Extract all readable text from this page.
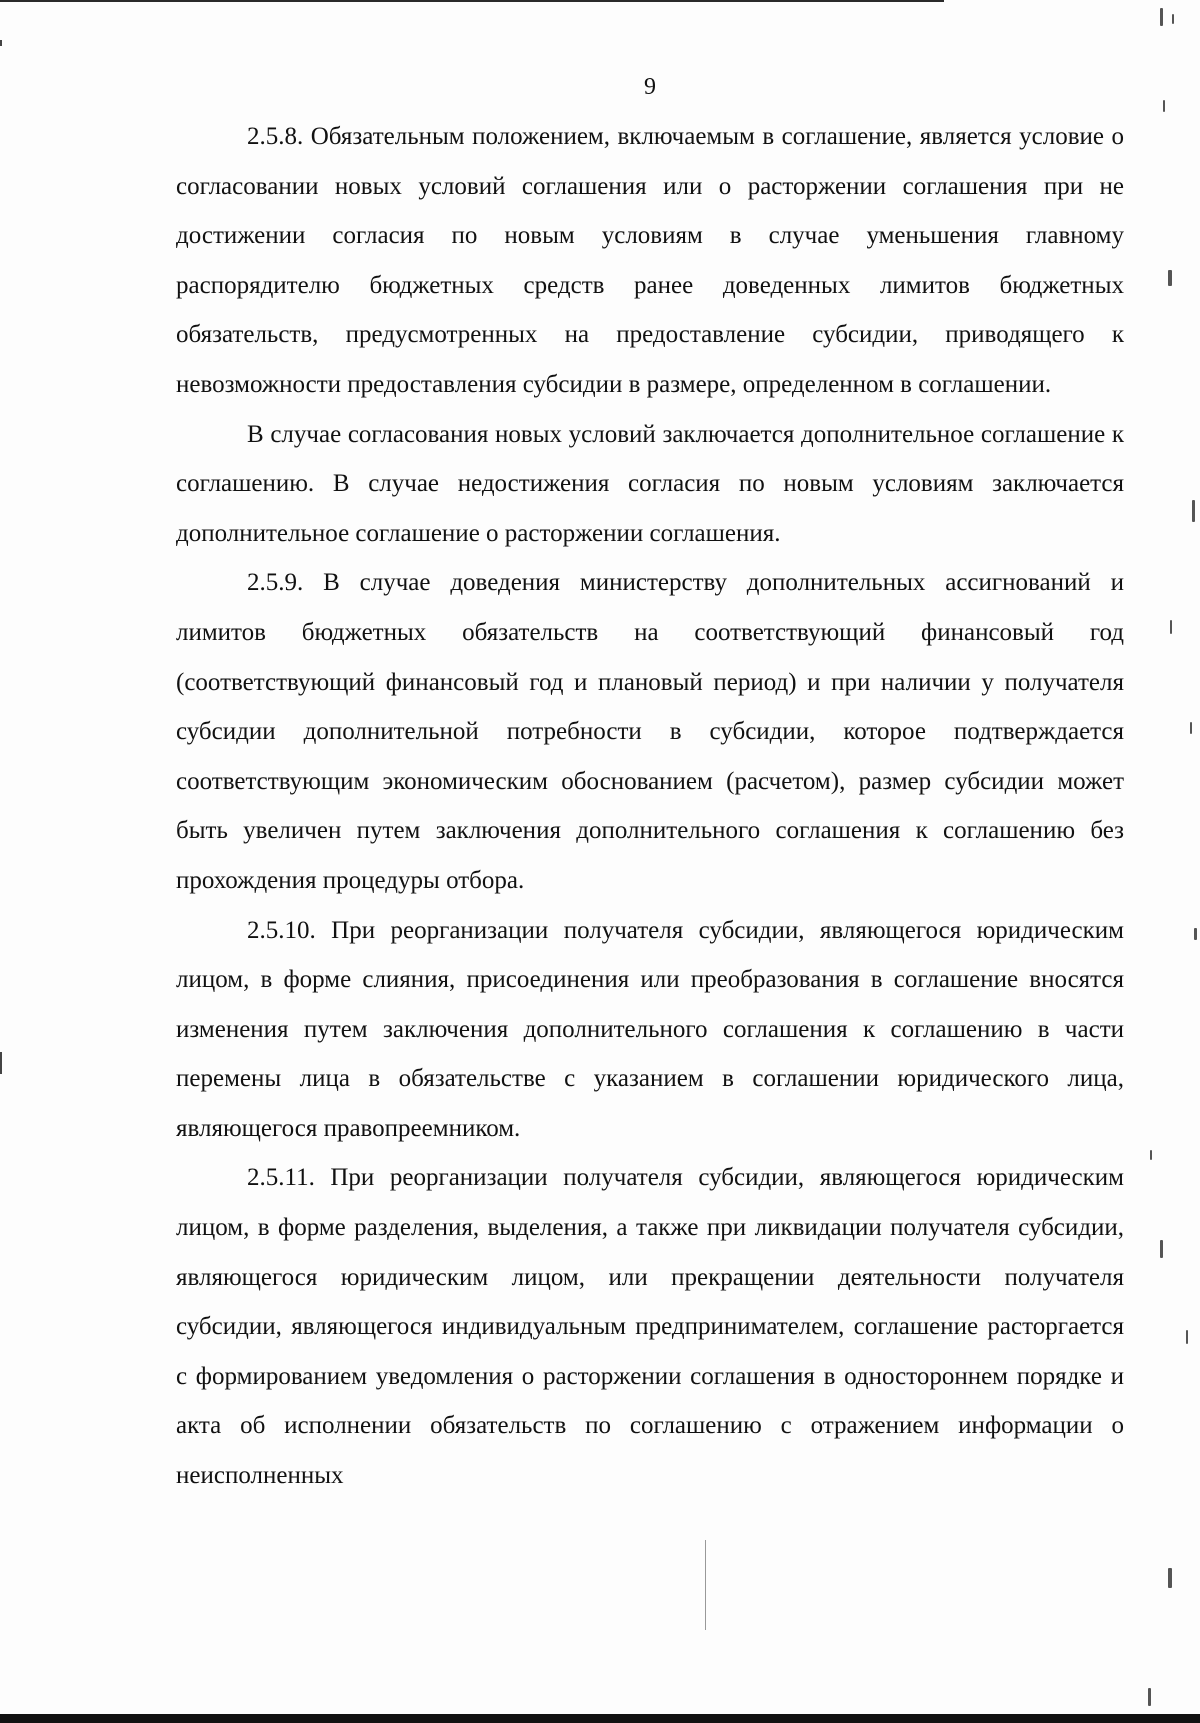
9

2.5.8. Обязательным положением, включаемым в соглашение, является условие о согласовании новых условий соглашения или о расторжении соглашения при не достижении согласия по новым условиям в случае уменьшения главному распорядителю бюджетных средств ранее доведенных лимитов бюджетных обязательств, предусмотренных на предоставление субсидии, приводящего к невозможности предоставления субсидии в размере, определенном в соглашении.

В случае согласования новых условий заключается дополнительное соглашение к соглашению. В случае недостижения согласия по новым условиям заключается дополнительное соглашение о расторжении соглашения.

2.5.9. В случае доведения министерству дополнительных ассигнований и лимитов бюджетных обязательств на соответствующий финансовый год (соответствующий финансовый год и плановый период) и при наличии у получателя субсидии дополнительной потребности в субсидии, которое подтверждается соответствующим экономическим обоснованием (расчетом), размер субсидии может быть увеличен путем заключения дополнительного соглашения к соглашению без прохождения процедуры отбора.

2.5.10. При реорганизации получателя субсидии, являющегося юридическим лицом, в форме слияния, присоединения или преобразования в соглашение вносятся изменения путем заключения дополнительного соглашения к соглашению в части перемены лица в обязательстве с указанием в соглашении юридического лица, являющегося правопреемником.

2.5.11. При реорганизации получателя субсидии, являющегося юридическим лицом, в форме разделения, выделения, а также при ликвидации получателя субсидии, являющегося юридическим лицом, или прекращении деятельности получателя субсидии, являющегося индивидуальным предпринимателем, соглашение расторгается с формированием уведомления о расторжении соглашения в одностороннем порядке и акта об исполнении обязательств по соглашению с отражением информации о неисполненных
